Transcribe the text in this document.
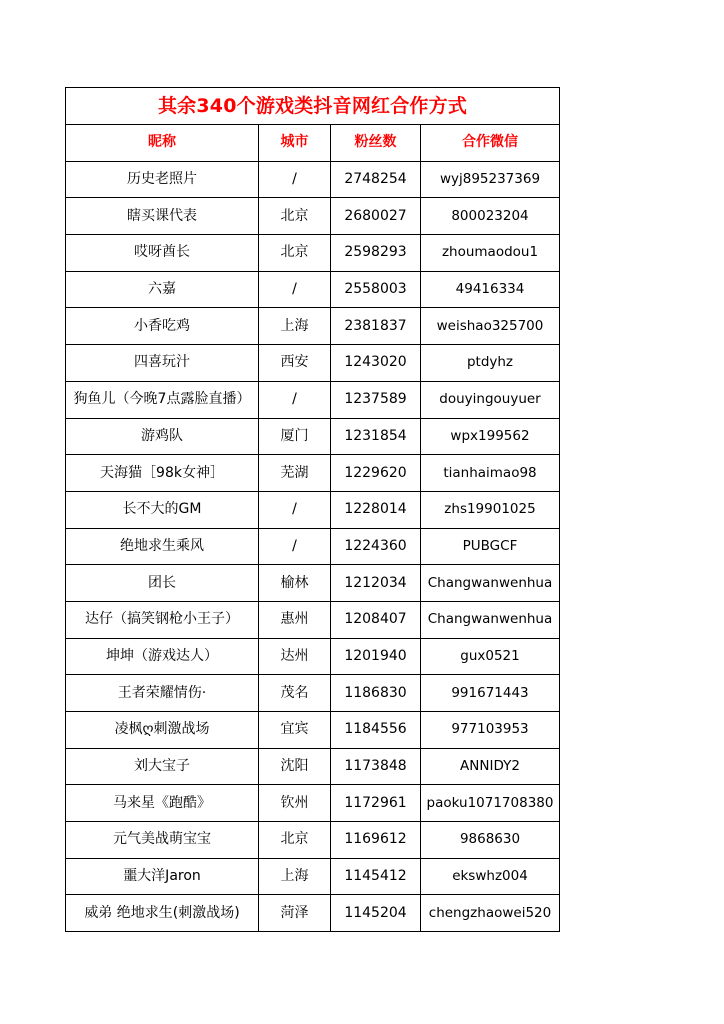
其余340个游戏类抖音网红合作方式			
昵称	城市	粉丝数	合作微信
历史老照片	/	2748254	wyj895237369
瞎买课代表	北京	2680027	800023204
哎呀酋长	北京	2598293	zhoumaodou1
六嘉	/	2558003	49416334
小香吃鸡	上海	2381837	weishao325700
四喜玩汁	西安	1243020	ptdyhz
狗鱼儿（今晚7点露脸直播）	/	1237589	douyingouyuer
游鸡队	厦门	1231854	wpx199562
天海猫［98k女神］	芜湖	1229620	tianhaimao98
长不大的GM	/	1228014	zhs19901025
绝地求生乘风	/	1224360	PUBGCF
团长	榆林	1212034	Changwanwenhua
达仔（搞笑钢枪小王子）	惠州	1208407	Changwanwenhua
坤坤（游戏达人）	达州	1201940	gux0521
王者荣耀情伤·	茂名	1186830	991671443
凌枫ღ刺激战场	宜宾	1184556	977103953
刘大宝子	沈阳	1173848	ANNIDY2
马来星《跑酷》	钦州	1172961	paoku1071708380
元气美战萌宝宝	北京	1169612	9868630
噩大洋Jaron	上海	1145412	ekswhz004
威弟 绝地求生(刺激战场)	菏泽	1145204	chengzhaowei520
